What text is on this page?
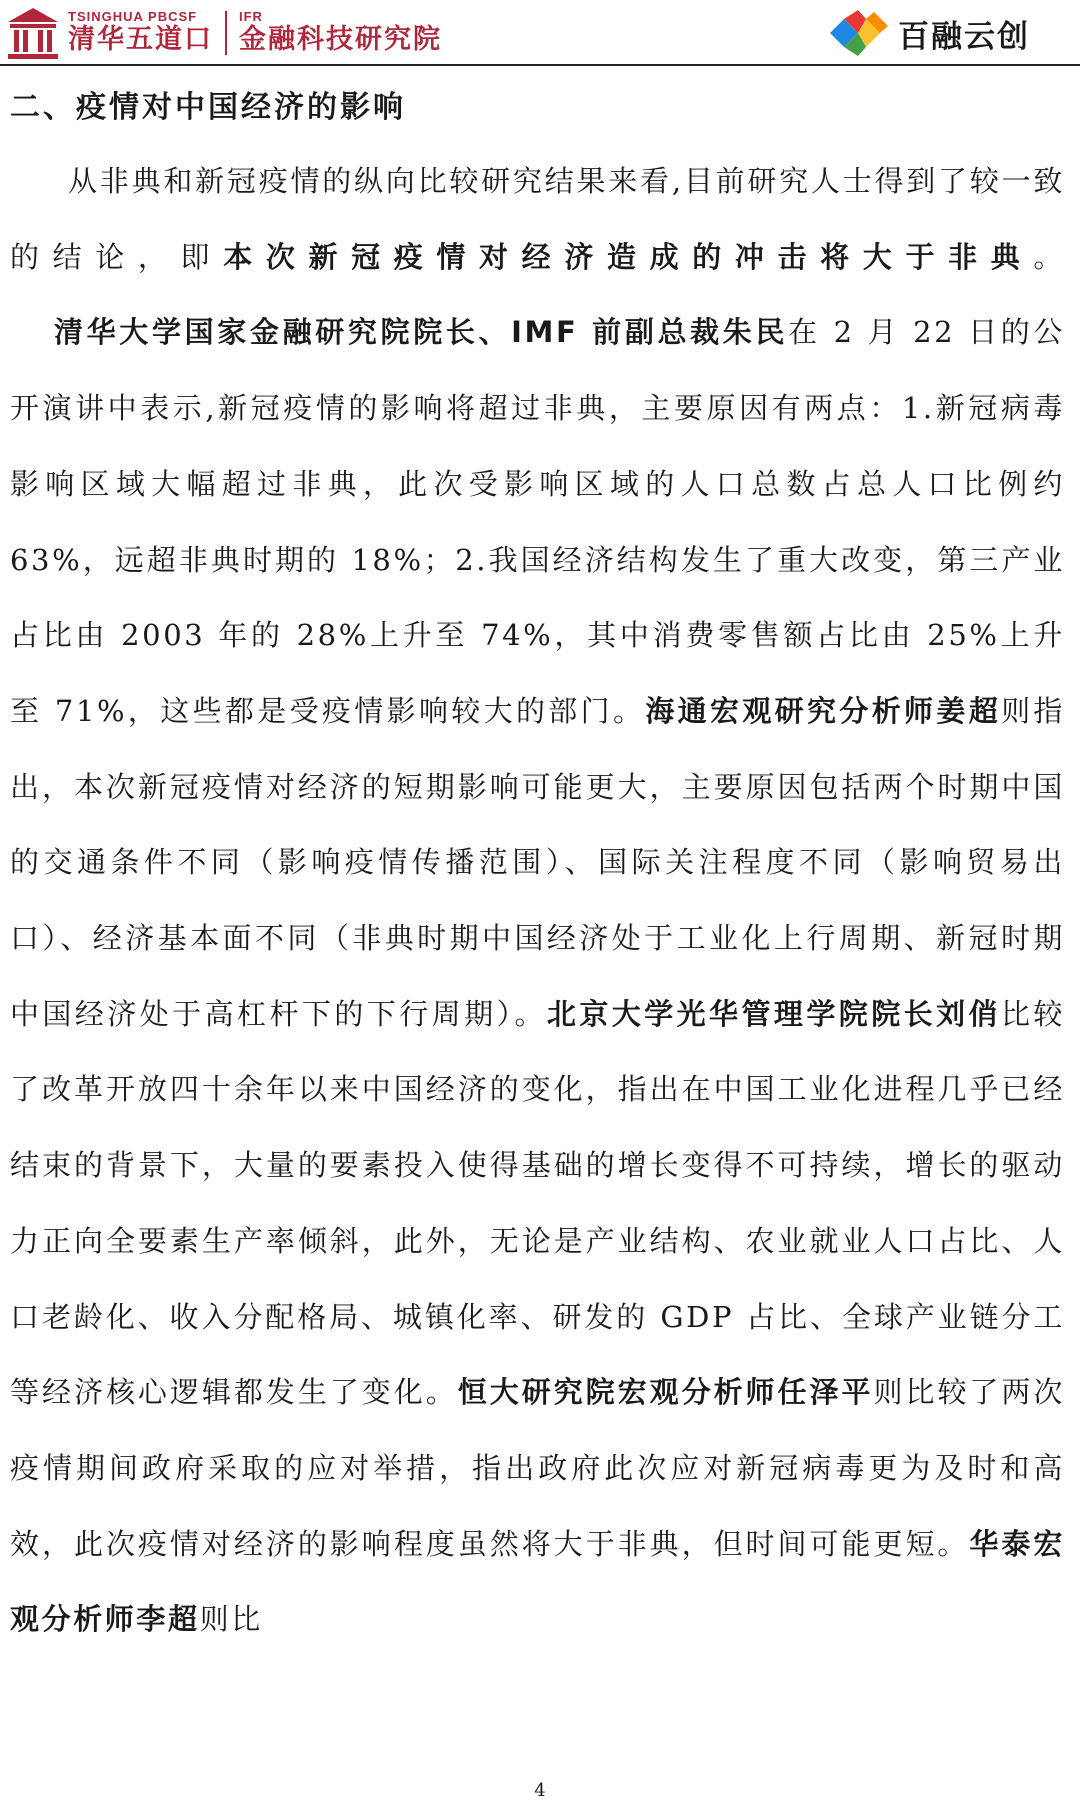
TSINGHUA PBCSF
清华五道口
IFR
金融科技研究院	百融云创

二、疫情对中国经济的影响

从非典和新冠疫情的纵向比较研究结果来看,目前研究人士得到了较一致的结论，即本次新冠疫情对经济造成的冲击将大于非典。

清华大学国家金融研究院院长、IMF 前副总裁朱民在 2 月 22 日的公开演讲中表示,新冠疫情的影响将超过非典，主要原因有两点：1.新冠病毒影响区域大幅超过非典，此次受影响区域的人口总数占总人口比例约 63%，远超非典时期的 18%；2.我国经济结构发生了重大改变，第三产业占比由 2003 年的 28%上升至 74%，其中消费零售额占比由 25%上升至 71%，这些都是受疫情影响较大的部门。海通宏观研究分析师姜超则指出，本次新冠疫情对经济的短期影响可能更大，主要原因包括两个时期中国的交通条件不同（影响疫情传播范围）、国际关注程度不同（影响贸易出口）、经济基本面不同（非典时期中国经济处于工业化上行周期、新冠时期中国经济处于高杠杆下的下行周期）。北京大学光华管理学院院长刘俏比较了改革开放四十余年以来中国经济的变化，指出在中国工业化进程几乎已经结束的背景下，大量的要素投入使得基础的增长变得不可持续，增长的驱动力正向全要素生产率倾斜，此外，无论是产业结构、农业就业人口占比、人口老龄化、收入分配格局、城镇化率、研发的 GDP 占比、全球产业链分工等经济核心逻辑都发生了变化。恒大研究院宏观分析师任泽平则比较了两次疫情期间政府采取的应对举措，指出政府此次应对新冠病毒更为及时和高效，此次疫情对经济的影响程度虽然将大于非典，但时间可能更短。华泰宏观分析师李超则比

4
